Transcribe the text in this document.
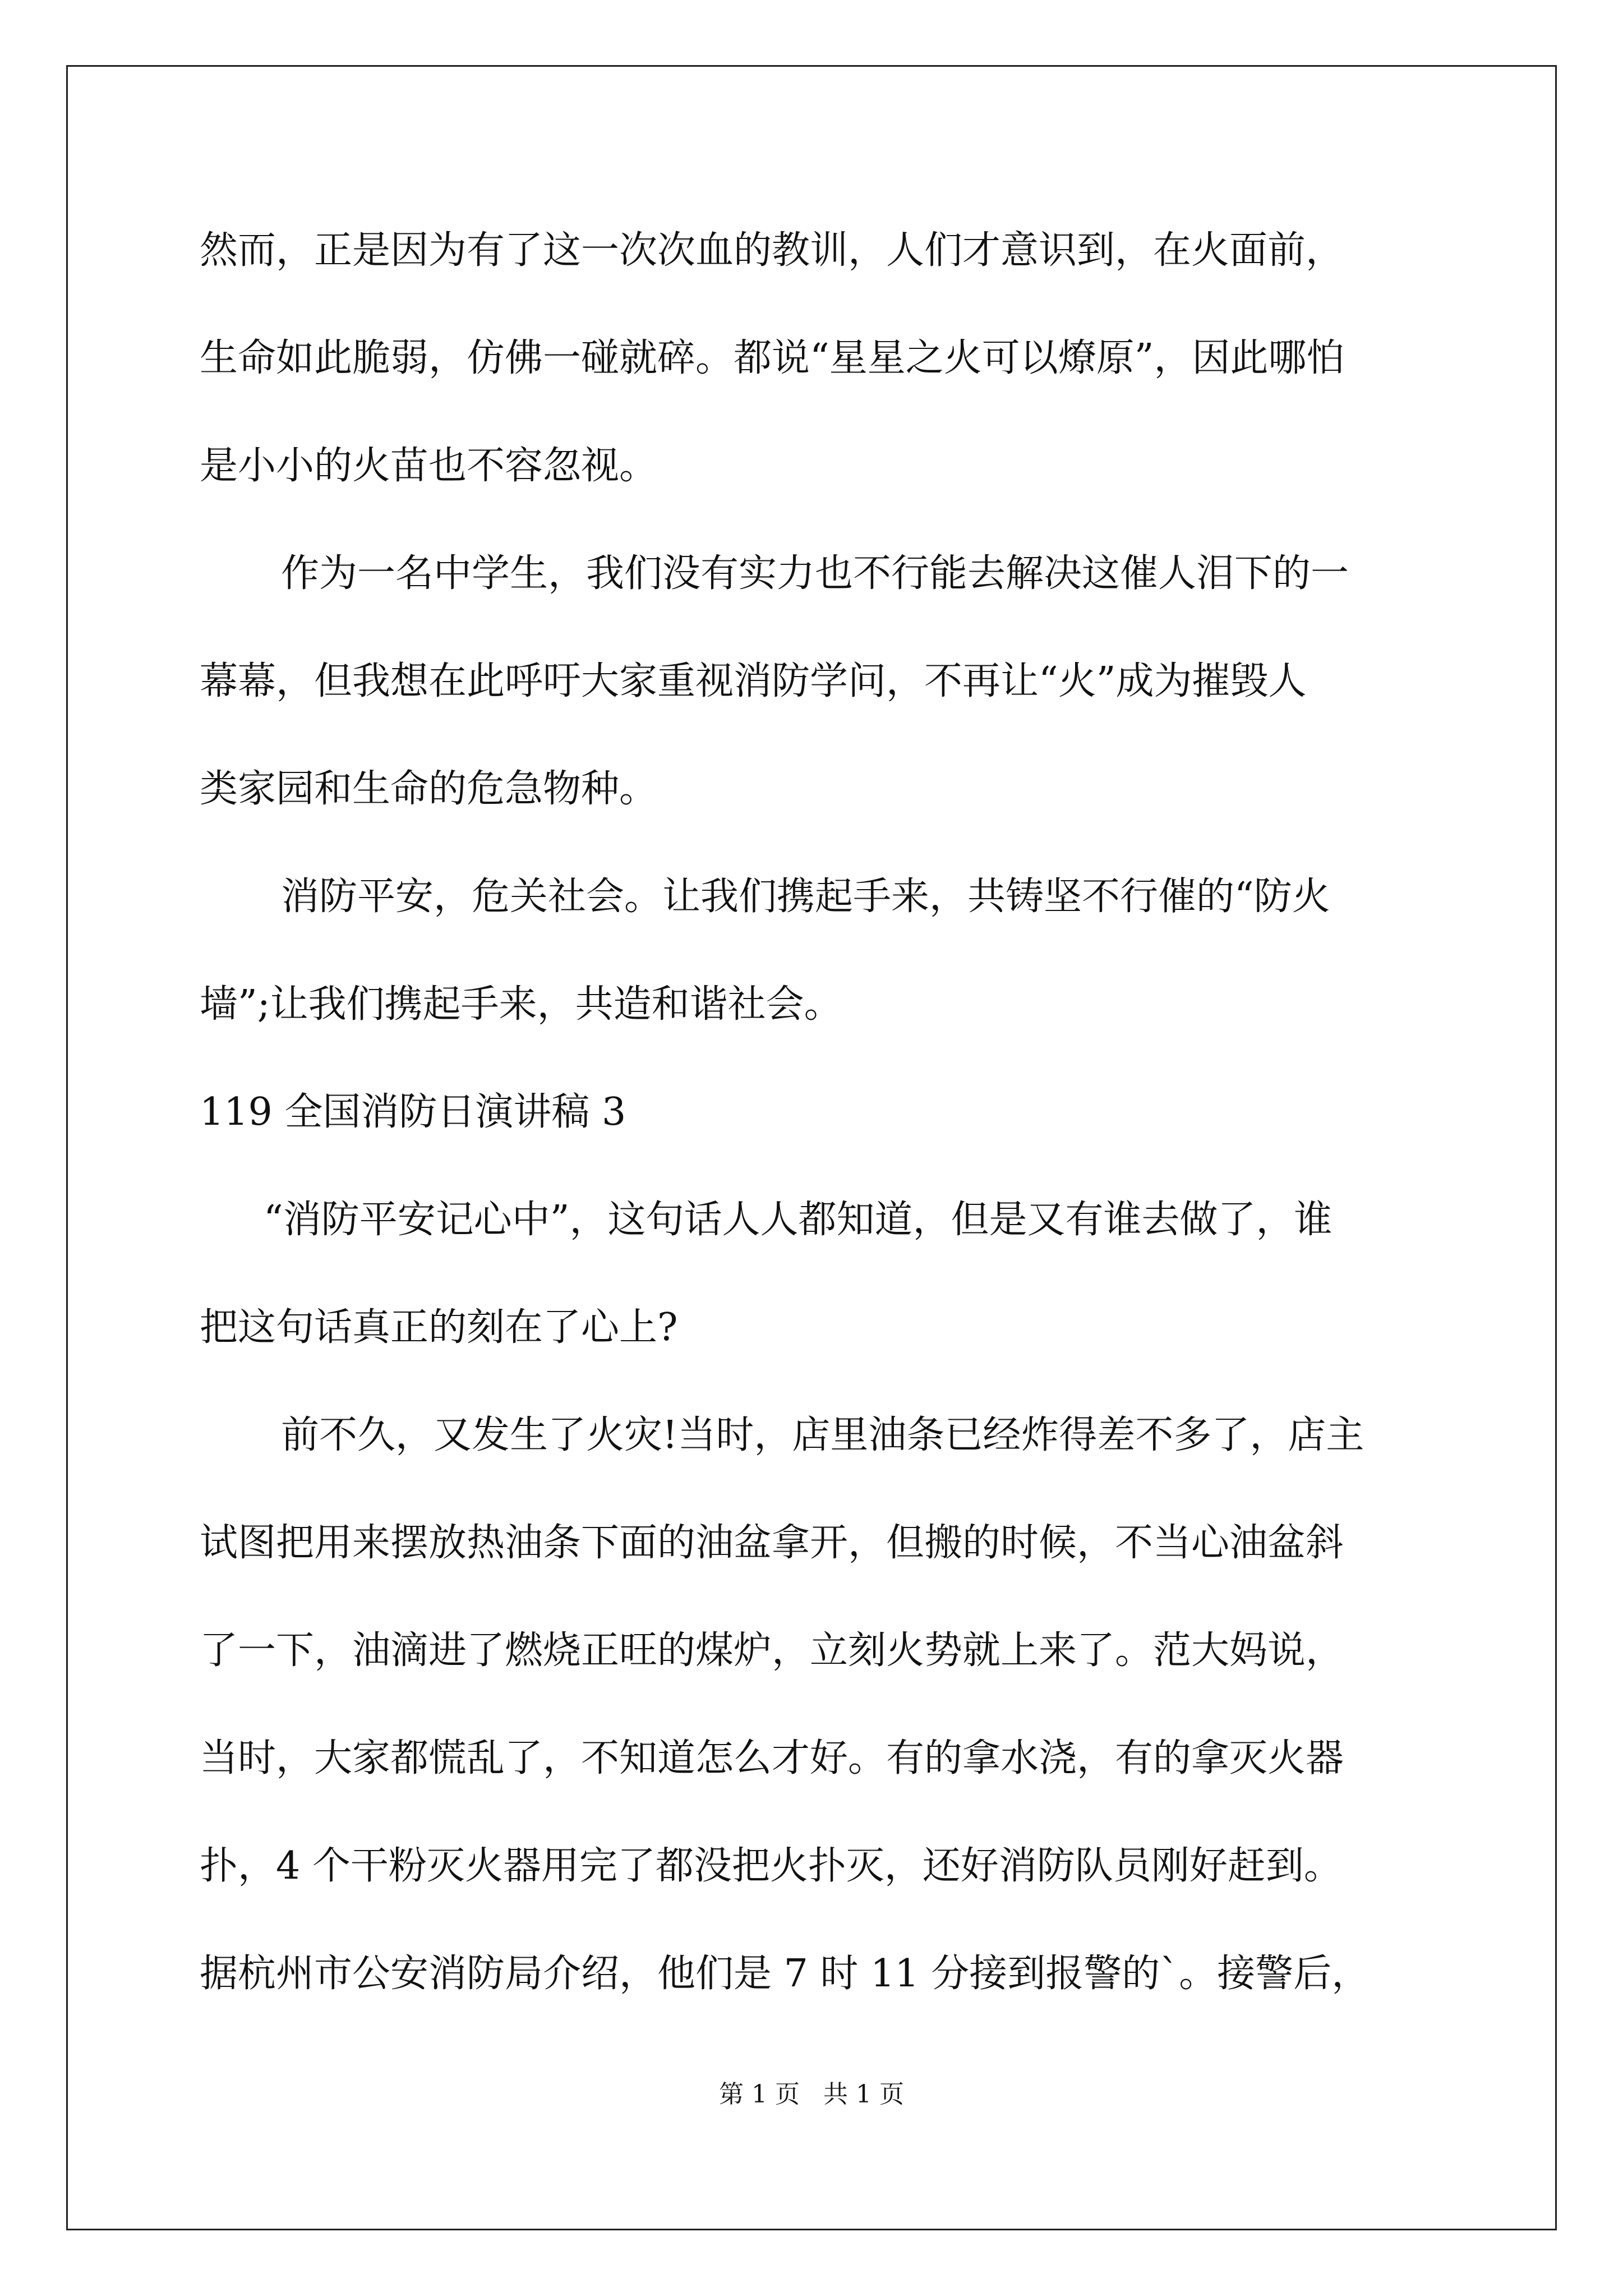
然而，正是因为有了这一次次血的教训，人们才意识到，在火面前，
生命如此脆弱，仿佛一碰就碎。都说“星星之火可以燎原”，因此哪怕
是小小的火苗也不容忽视。
作为一名中学生，我们没有实力也不行能去解决这催人泪下的一
幕幕，但我想在此呼吁大家重视消防学问，不再让“火”成为摧毁人
类家园和生命的危急物种。
消防平安，危关社会。让我们携起手来，共铸坚不行催的“防火
墙”;让我们携起手来，共造和谐社会。
119 全国消防日演讲稿 3
“消防平安记心中”，这句话人人都知道，但是又有谁去做了，谁
把这句话真正的刻在了心上?
前不久，又发生了火灾!当时，店里油条已经炸得差不多了，店主
试图把用来摆放热油条下面的油盆拿开，但搬的时候，不当心油盆斜
了一下，油滴进了燃烧正旺的煤炉，立刻火势就上来了。范大妈说，
当时，大家都慌乱了，不知道怎么才好。有的拿水浇，有的拿灭火器
扑，4 个干粉灭火器用完了都没把火扑灭，还好消防队员刚好赶到。
据杭州市公安消防局介绍，他们是 7 时 11 分接到报警的`。接警后，
第 1 页   共 1 页
